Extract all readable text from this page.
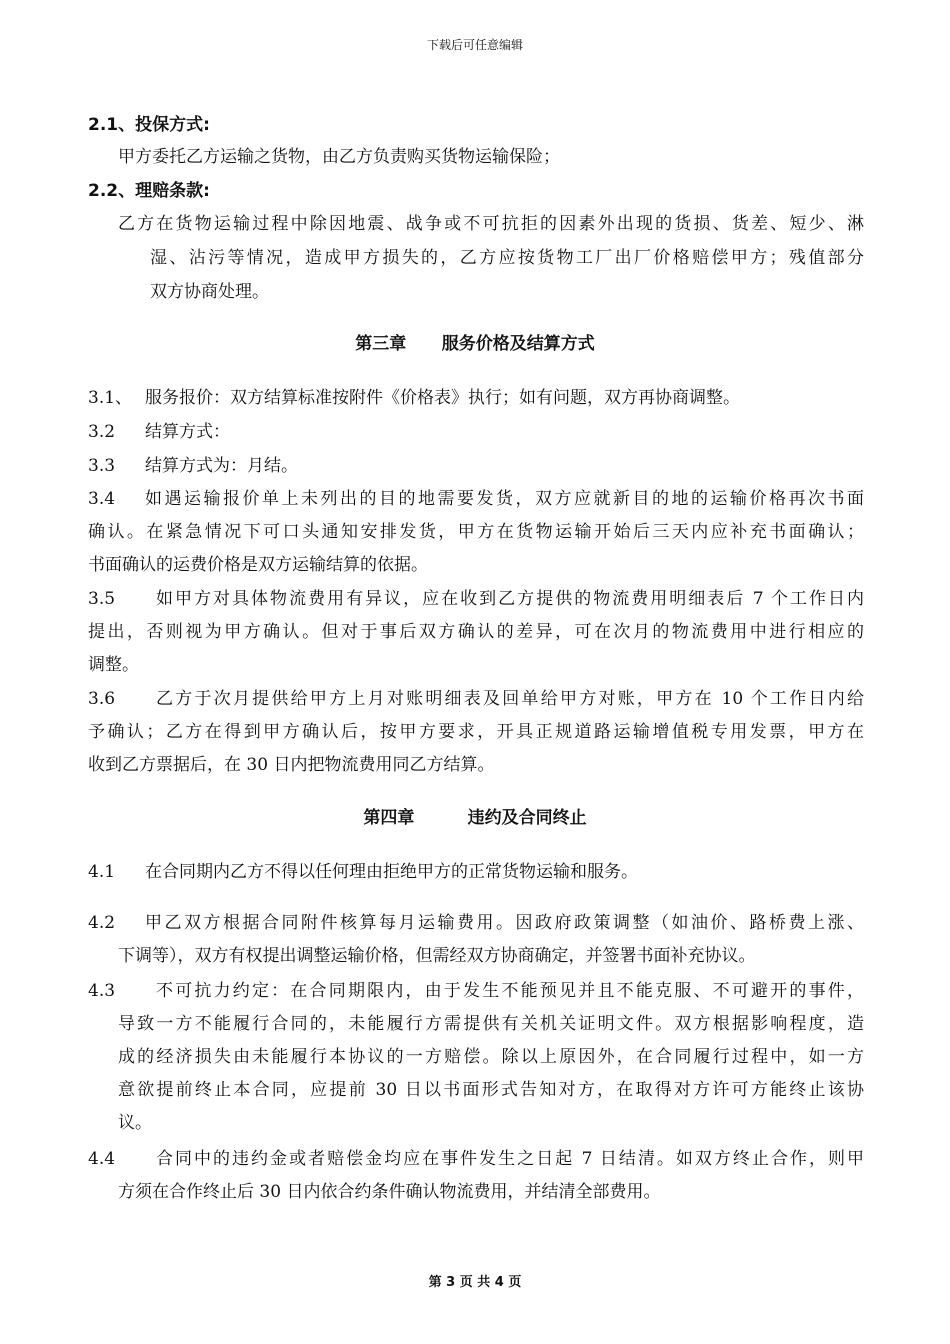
下载后可任意编辑
2.1、投保方式:
甲方委托乙方运输之货物，由乙方负责购买货物运输保险；
2.2、理赔条款:
乙方在货物运输过程中除因地震、战争或不可抗拒的因素外出现的货损、货差、短少、淋
湿、沾污等情况，造成甲方损失的，乙方应按货物工厂出厂价格赔偿甲方；残值部分
双方协商处理。
第三章      服务价格及结算方式
3.1、 服务报价：双方结算标准按附件《价格表》执行；如有问题，双方再协商调整。
3.2 结算方式：
3.3 结算方式为：月结。
3.4 如遇运输报价单上未列出的目的地需要发货，双方应就新目的地的运输价格再次书面
确认。在紧急情况下可口头通知安排发货，甲方在货物运输开始后三天内应补充书面确认；
书面确认的运费价格是双方运输结算的依据。
3.5 如甲方对具体物流费用有异议，应在收到乙方提供的物流费用明细表后 7 个工作日内
提出，否则视为甲方确认。但对于事后双方确认的差异，可在次月的物流费用中进行相应的
调整。
3.6 乙方于次月提供给甲方上月对账明细表及回单给甲方对账，甲方在 10 个工作日内给
予确认；乙方在得到甲方确认后，按甲方要求，开具正规道路运输增值税专用发票，甲方在
收到乙方票据后，在 30 日内把物流费用同乙方结算。
第四章         违约及合同终止
4.1 在合同期内乙方不得以任何理由拒绝甲方的正常货物运输和服务。
4.2 甲乙双方根据合同附件核算每月运输费用。因政府政策调整（如油价、路桥费上涨、
下调等），双方有权提出调整运输价格，但需经双方协商确定，并签署书面补充协议。
4.3 不可抗力约定：在合同期限内，由于发生不能预见并且不能克服、不可避开的事件，
导致一方不能履行合同的，未能履行方需提供有关机关证明文件。双方根据影响程度，造
成的经济损失由未能履行本协议的一方赔偿。除以上原因外，在合同履行过程中，如一方
意欲提前终止本合同，应提前 30 日以书面形式告知对方，在取得对方许可方能终止该协
议。
4.4 合同中的违约金或者赔偿金均应在事件发生之日起 7 日结清。如双方终止合作，则甲
方须在合作终止后 30 日内依合约条件确认物流费用，并结清全部费用。
第 3 页 共 4 页
